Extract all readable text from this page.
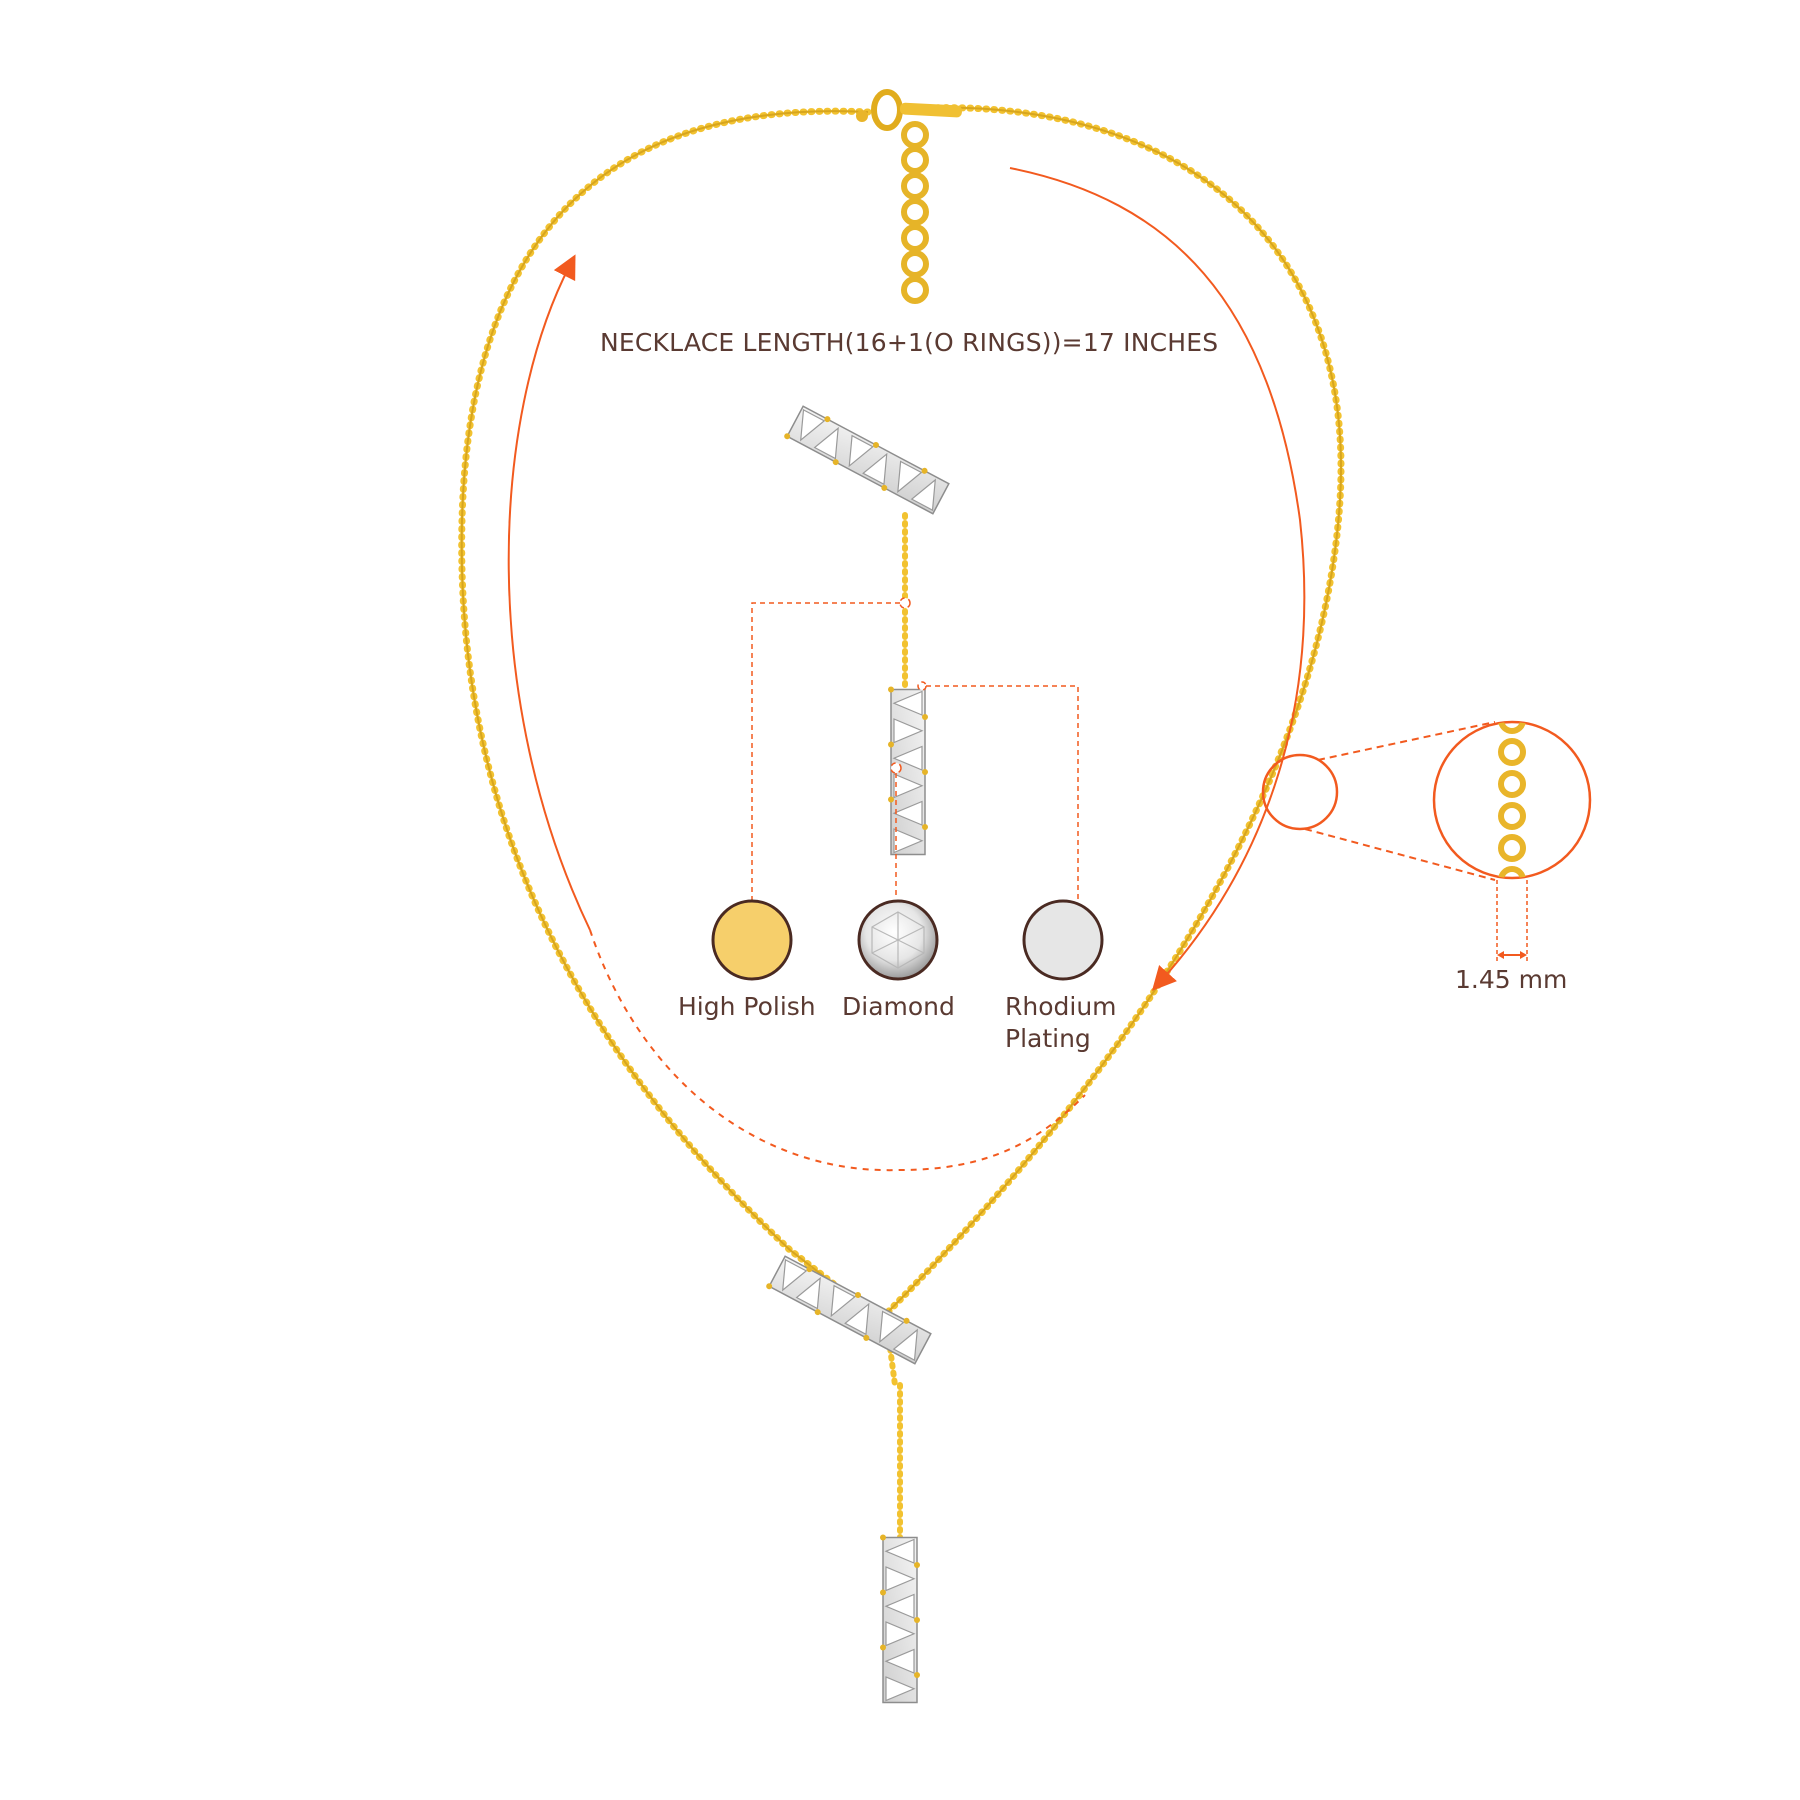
NECKLACE LENGTH(16+1(O RINGS))=17 INCHES
High Polish Diamond Rhodium
Plating
1.45 mm
